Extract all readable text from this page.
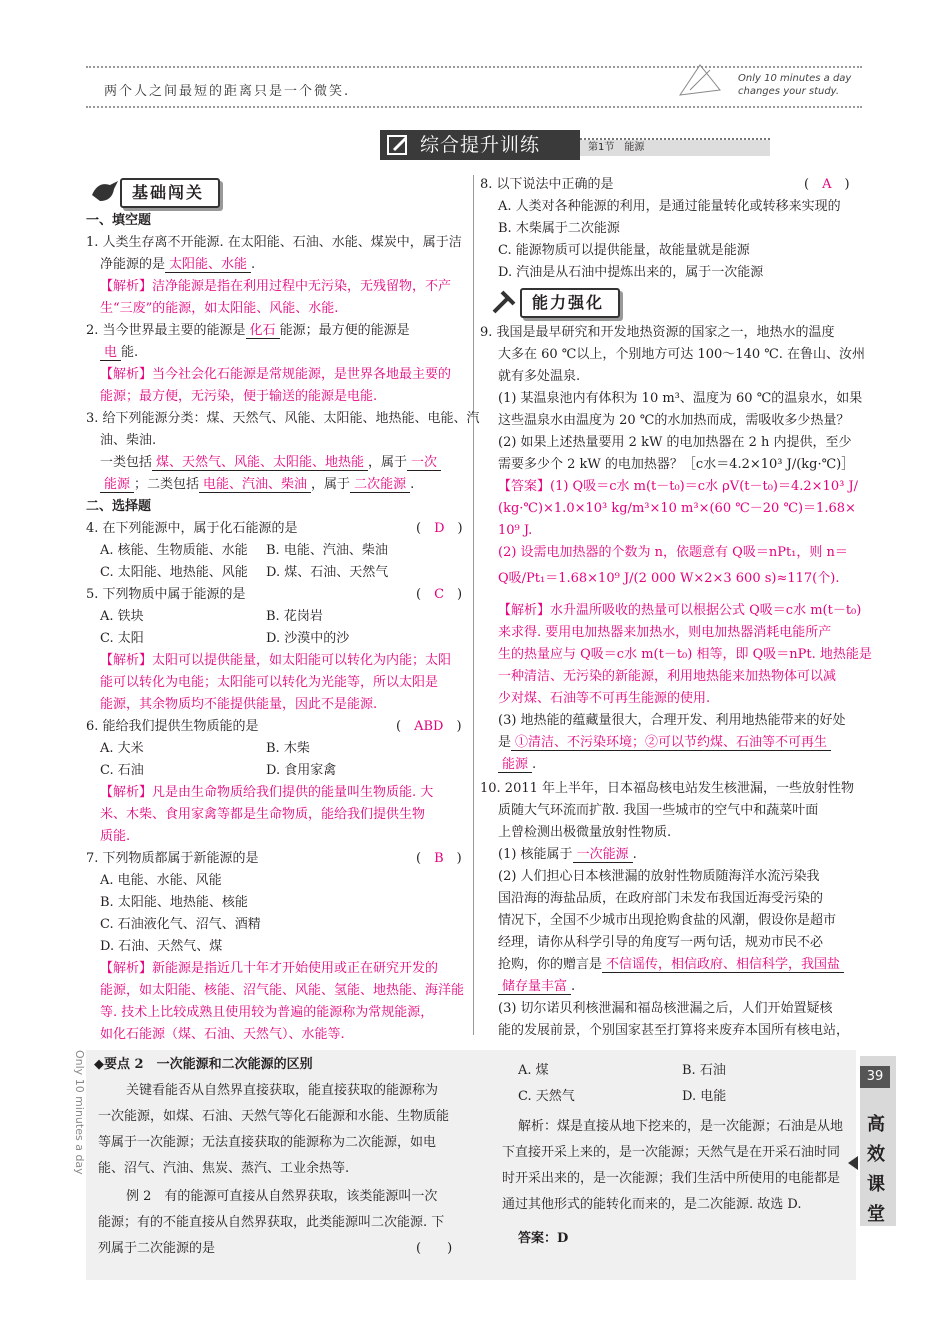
两个人之间最短的距离只是一个微笑.
Only 10 minutes a day
changes your study.
综合提升训练	第1节　能源
基础闯关
能力强化
一、填空题
1. 人类生存离不开能源. 在太阳能、石油、水能、煤炭中，属于洁
净能源的是 太阳能、水能 .
【解析】洁净能源是指在利用过程中无污染，无残留物，不产
生“三废”的能源，如太阳能、风能、水能.
2. 当今世界最主要的能源是 化石 能源；最方便的能源是
电 能.
【解析】当今社会化石能源是常规能源，是世界各地最主要的
能源；最方便，无污染，便于输送的能源是电能.
3. 给下列能源分类：煤、天然气、风能、太阳能、地热能、电能、汽
油、柴油.
一类包括 煤、天然气、风能、太阳能、地热能 ，属于 一次
能源 ；二类包括 电能、汽油、柴油 ，属于 二次能源 .
二、选择题
4. 在下列能源中，属于化石能源的是	(　D　)
A. 核能、生物质能、水能	B. 电能、汽油、柴油
C. 太阳能、地热能、风能	D. 煤、石油、天然气
5. 下列物质中属于能源的是	(　C　)
A. 铁块	B. 花岗岩
C. 太阳	D. 沙漠中的沙
【解析】太阳可以提供能量，如太阳能可以转化为内能；太阳
能可以转化为电能；太阳能可以转化为光能等，所以太阳是
能源，其余物质均不能提供能量，因此不是能源.
6. 能给我们提供生物质能的是	(　ABD　)
A. 大米	B. 木柴
C. 石油	D. 食用家禽
【解析】凡是由生命物质给我们提供的能量叫生物质能. 大
米、木柴、食用家禽等都是生命物质，能给我们提供生物
质能.
7. 下列物质都属于新能源的是	(　B　)
A. 电能、水能、风能
B. 太阳能、地热能、核能
C. 石油液化气、沼气、酒精
D. 石油、天然气、煤
【解析】新能源是指近几十年才开始使用或正在研究开发的
能源，如太阳能、核能、沼气能、风能、氢能、地热能、海洋能
等. 技术上比较成熟且使用较为普遍的能源称为常规能源，
如化石能源（煤、石油、天然气）、水能等.
8. 以下说法中正确的是	(　A　)
A. 人类对各种能源的利用，是通过能量转化或转移来实现的
B. 木柴属于二次能源
C. 能源物质可以提供能量，故能量就是能源
D. 汽油是从石油中提炼出来的，属于一次能源
9. 我国是最早研究和开发地热资源的国家之一，地热水的温度
大多在 60 ℃以上，个别地方可达 100～140 ℃. 在鲁山、汝州
就有多处温泉.
(1) 某温泉池内有体积为 10 m³、温度为 60 ℃的温泉水，如果
这些温泉水由温度为 20 ℃的水加热而成，需吸收多少热量？
(2) 如果上述热量要用 2 kW 的电加热器在 2 h 内提供，至少
需要多少个 2 kW 的电加热器？［c水＝4.2×10³ J/(kg·℃)］
【答案】(1) Q吸＝c水 m(t－t₀)＝c水 ρV(t－t₀)＝4.2×10³ J/
(kg·℃)×1.0×10³ kg/m³×10 m³×(60 ℃－20 ℃)＝1.68×
10⁹ J.
(2) 设需电加热器的个数为 n，依题意有 Q吸＝nPt₁，则 n＝
Q吸/Pt₁＝1.68×10⁹ J/(2 000 W×2×3 600 s)≈117(个).
【解析】水升温所吸收的热量可以根据公式 Q吸＝c水 m(t－t₀)
来求得. 要用电加热器来加热水，则电加热器消耗电能所产
生的热量应与 Q吸＝c水 m(t－t₀) 相等，即 Q吸＝nPt. 地热能是
一种清洁、无污染的新能源，利用地热能来加热物体可以减
少对煤、石油等不可再生能源的使用.
(3) 地热能的蕴藏量很大，合理开发、利用地热能带来的好处
是 ①清洁、不污染环境；②可以节约煤、石油等不可再生
能源 .
10. 2011 年上半年，日本福岛核电站发生核泄漏，一些放射性物
质随大气环流而扩散. 我国一些城市的空气中和蔬菜叶面
上曾检测出极微量放射性物质.
(1) 核能属于 一次能源 .
(2) 人们担心日本核泄漏的放射性物质随海洋水流污染我
国沿海的海盐品质，在政府部门未发布我国近海受污染的
情况下，全国不少城市出现抢购食盐的风潮，假设你是超市
经理，请你从科学引导的角度写一两句话，规劝市民不必
抢购，你的赠言是 不信谣传，相信政府、相信科学，我国盐
储存量丰富 .
(3) 切尔诺贝利核泄漏和福岛核泄漏之后，人们开始置疑核
能的发展前景，个别国家甚至打算将来废弃本国所有核电站，
Only 10 minutes a day ◆要点 2　一次能源和二次能源的区别
关键看能否从自然界直接获取，能直接获取的能源称为
一次能源，如煤、石油、天然气等化石能源和水能、生物质能
等属于一次能源；无法直接获取的能源称为二次能源，如电
能、沼气、汽油、焦炭、蒸汽、工业余热等.
例 2　有的能源可直接从自然界获取，该类能源叫一次
能源；有的不能直接从自然界获取，此类能源叫二次能源. 下
列属于二次能源的是	(　　)
A. 煤	B. 石油
C. 天然气	D. 电能
解析：煤是直接从地下挖来的，是一次能源；石油是从地
下直接开采上来的，是一次能源；天然气是在开采石油时同
时开采出来的，是一次能源；我们生活中所使用的电能都是
通过其他形式的能转化而来的，是二次能源. 故选 D.
答案：D
39
高效课堂
